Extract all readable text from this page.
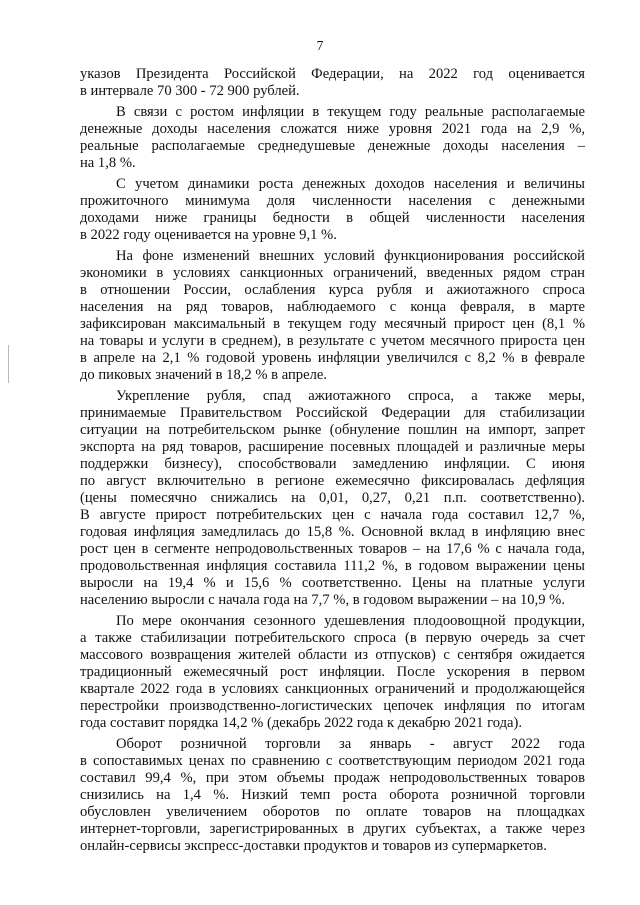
7
указов Президента Российской Федерации, на 2022 год оценивается
в интервале 70 300 - 72 900 рублей.
В связи с ростом инфляции в текущем году реальные располагаемые
денежные доходы населения сложатся ниже уровня 2021 года на 2,9 %,
реальные располагаемые среднедушевые денежные доходы населения –
на 1,8 %.
С учетом динамики роста денежных доходов населения и величины
прожиточного минимума доля численности населения с денежными
доходами ниже границы бедности в общей численности населения
в 2022 году оценивается на уровне 9,1 %.
На фоне изменений внешних условий функционирования российской
экономики в условиях санкционных ограничений, введенных рядом стран
в отношении России, ослабления курса рубля и ажиотажного спроса
населения на ряд товаров, наблюдаемого с конца февраля, в марте
зафиксирован максимальный в текущем году месячный прирост цен (8,1 %
на товары и услуги в среднем), в результате с учетом месячного прироста цен
в апреле на 2,1 % годовой уровень инфляции увеличился с 8,2 % в феврале
до пиковых значений в 18,2 % в апреле.
Укрепление рубля, спад ажиотажного спроса, а также меры,
принимаемые Правительством Российской Федерации для стабилизации
ситуации на потребительском рынке (обнуление пошлин на импорт, запрет
экспорта на ряд товаров, расширение посевных площадей и различные меры
поддержки бизнесу), способствовали замедлению инфляции. С июня
по август включительно в регионе ежемесячно фиксировалась дефляция
(цены помесячно снижались на 0,01, 0,27, 0,21 п.п. соответственно).
В августе прирост потребительских цен с начала года составил 12,7 %,
годовая инфляция замедлилась до 15,8 %. Основной вклад в инфляцию внес
рост цен в сегменте непродовольственных товаров – на 17,6 % с начала года,
продовольственная инфляция составила 111,2 %, в годовом выражении цены
выросли на 19,4 % и 15,6 % соответственно. Цены на платные услуги
населению выросли с начала года на 7,7 %, в годовом выражении – на 10,9 %.
По мере окончания сезонного удешевления плодоовощной продукции,
а также стабилизации потребительского спроса (в первую очередь за счет
массового возвращения жителей области из отпусков) с сентября ожидается
традиционный ежемесячный рост инфляции. После ускорения в первом
квартале 2022 года в условиях санкционных ограничений и продолжающейся
перестройки производственно-логистических цепочек инфляция по итогам
года составит порядка 14,2 % (декабрь 2022 года к декабрю 2021 года).
Оборот розничной торговли за январь - август 2022 года
в сопоставимых ценах по сравнению с соответствующим периодом 2021 года
составил 99,4 %, при этом объемы продаж непродовольственных товаров
снизились на 1,4 %. Низкий темп роста оборота розничной торговли
обусловлен увеличением оборотов по оплате товаров на площадках
интернет-торговли, зарегистрированных в других субъектах, а также через
онлайн-сервисы экспресс-доставки продуктов и товаров из супермаркетов.
